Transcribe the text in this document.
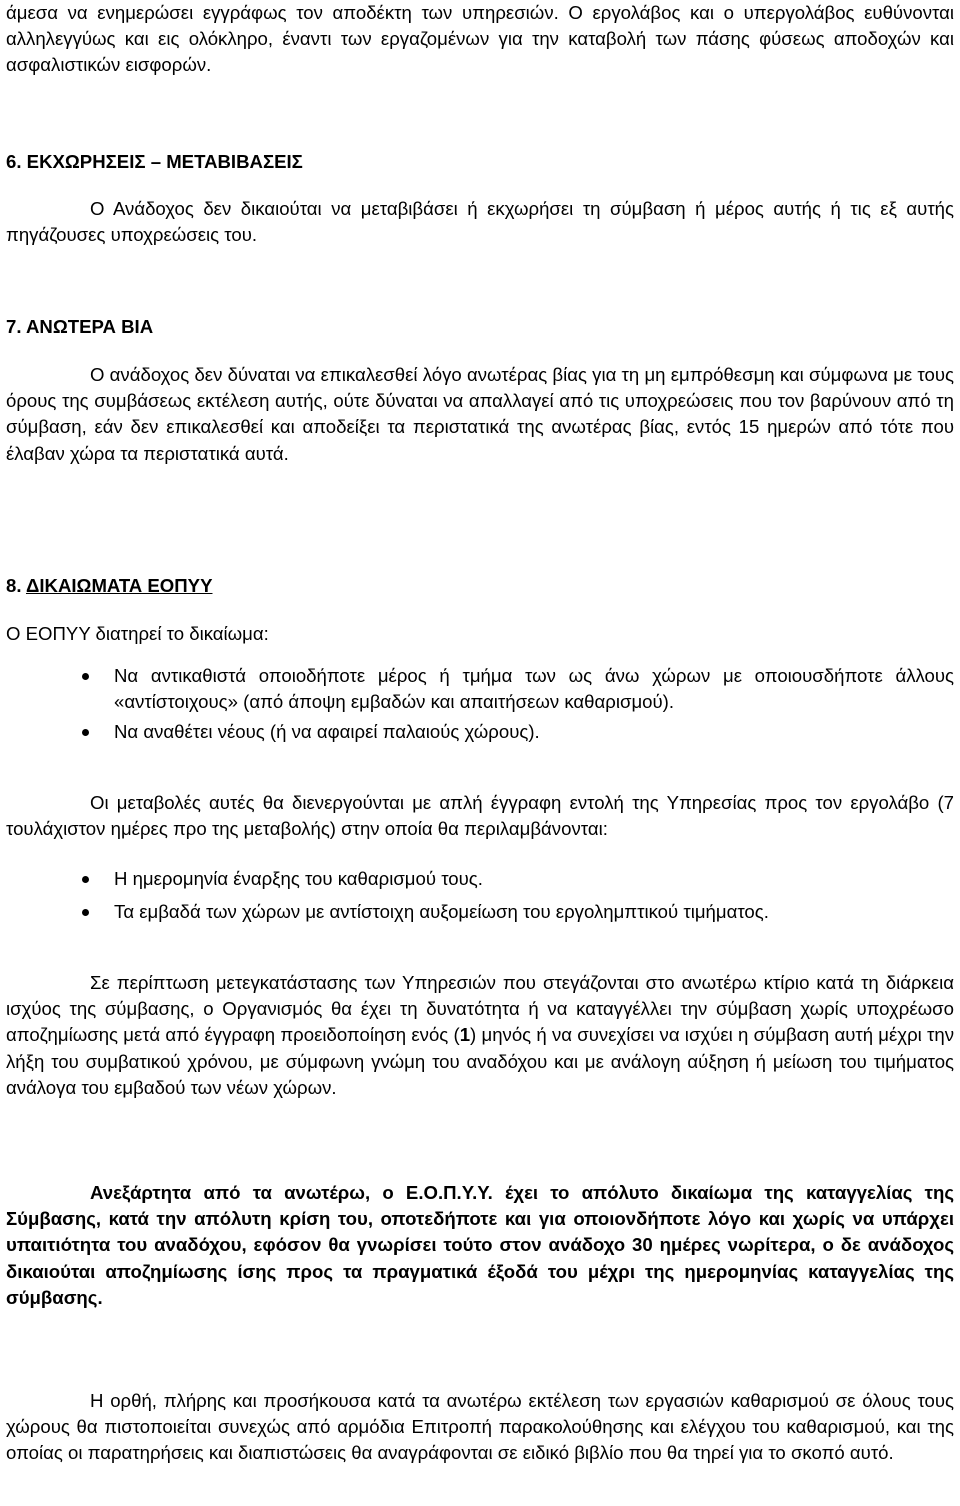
άμεσα να ενημερώσει εγγράφως τον αποδέκτη των υπηρεσιών. Ο εργολάβος και ο υπεργολάβος ευθύνονται αλληλεγγύως και εις ολόκληρο, έναντι των εργαζομένων για την καταβολή των πάσης φύσεως αποδοχών και ασφαλιστικών εισφορών.

6. ΕΚΧΩΡΗΣΕΙΣ – ΜΕΤΑΒΙΒΑΣΕΙΣ

Ο Ανάδοχος δεν δικαιούται να μεταβιβάσει ή εκχωρήσει τη σύμβαση ή μέρος αυτής ή τις εξ αυτής πηγάζουσες υποχρεώσεις του.

7. ΑΝΩΤΕΡΑ ΒΙΑ

Ο ανάδοχος δεν δύναται να επικαλεσθεί λόγο ανωτέρας βίας για τη μη εμπρόθεσμη και σύμφωνα με τους όρους της συμβάσεως εκτέλεση αυτής, ούτε δύναται να απαλλαγεί από τις υποχρεώσεις που τον βαρύνουν από τη σύμβαση, εάν δεν επικαλεσθεί και αποδείξει τα περιστατικά της ανωτέρας βίας, εντός 15 ημερών από τότε που έλαβαν χώρα τα περιστατικά αυτά.

8. ΔΙΚΑΙΩΜΑΤΑ ΕΟΠΥΥ

Ο ΕΟΠΥΥ διατηρεί το δικαίωμα:

Να αντικαθιστά οποιοδήποτε μέρος ή τμήμα των ως άνω χώρων με οποιουσδήποτε άλλους «αντίστοιχους» (από άποψη εμβαδών και απαιτήσεων καθαρισμού).
Να αναθέτει νέους (ή να αφαιρεί παλαιούς χώρους).

Οι μεταβολές αυτές θα διενεργούνται με απλή έγγραφη εντολή της Υπηρεσίας προς τον εργολάβο (7 τουλάχιστον ημέρες προ της μεταβολής) στην οποία θα περιλαμβάνονται:

Η ημερομηνία έναρξης του καθαρισμού τους.
Τα εμβαδά των χώρων με αντίστοιχη αυξομείωση του εργολημπτικού τιμήματος.

Σε περίπτωση μετεγκατάστασης των Υπηρεσιών που στεγάζονται στο ανωτέρω κτίριο κατά τη διάρκεια ισχύος της σύμβασης, ο Οργανισμός θα έχει τη δυνατότητα ή να καταγγέλλει την σύμβαση χωρίς υποχρέωσο αποζημίωσης μετά από έγγραφη προειδοποίηση ενός (1) μηνός ή να συνεχίσει να ισχύει η σύμβαση αυτή μέχρι την λήξη του συμβατικού χρόνου, με σύμφωνη γνώμη του αναδόχου και με ανάλογη αύξηση ή μείωση του τιμήματος ανάλογα του εμβαδού των νέων χώρων.

Ανεξάρτητα από τα ανωτέρω, ο Ε.Ο.Π.Υ.Υ. έχει το απόλυτο δικαίωμα της καταγγελίας της Σύμβασης, κατά την απόλυτη κρίση του, οποτεδήποτε και για οποιονδήποτε λόγο και χωρίς να υπάρχει υπαιτιότητα του αναδόχου, εφόσον θα γνωρίσει τούτο στον ανάδοχο 30 ημέρες νωρίτερα, ο δε ανάδοχος δικαιούται αποζημίωσης ίσης προς τα πραγματικά έξοδά του μέχρι της ημερομηνίας καταγγελίας της σύμβασης.

Η ορθή, πλήρης και προσήκουσα κατά τα ανωτέρω εκτέλεση των εργασιών καθαρισμού σε όλους τους χώρους θα πιστοποιείται συνεχώς από αρμόδια Επιτροπή παρακολούθησης και ελέγχου του καθαρισμού, και της οποίας οι παρατηρήσεις και διαπιστώσεις θα αναγράφονται σε ειδικό βιβλίο που θα τηρεί για το σκοπό αυτό.
